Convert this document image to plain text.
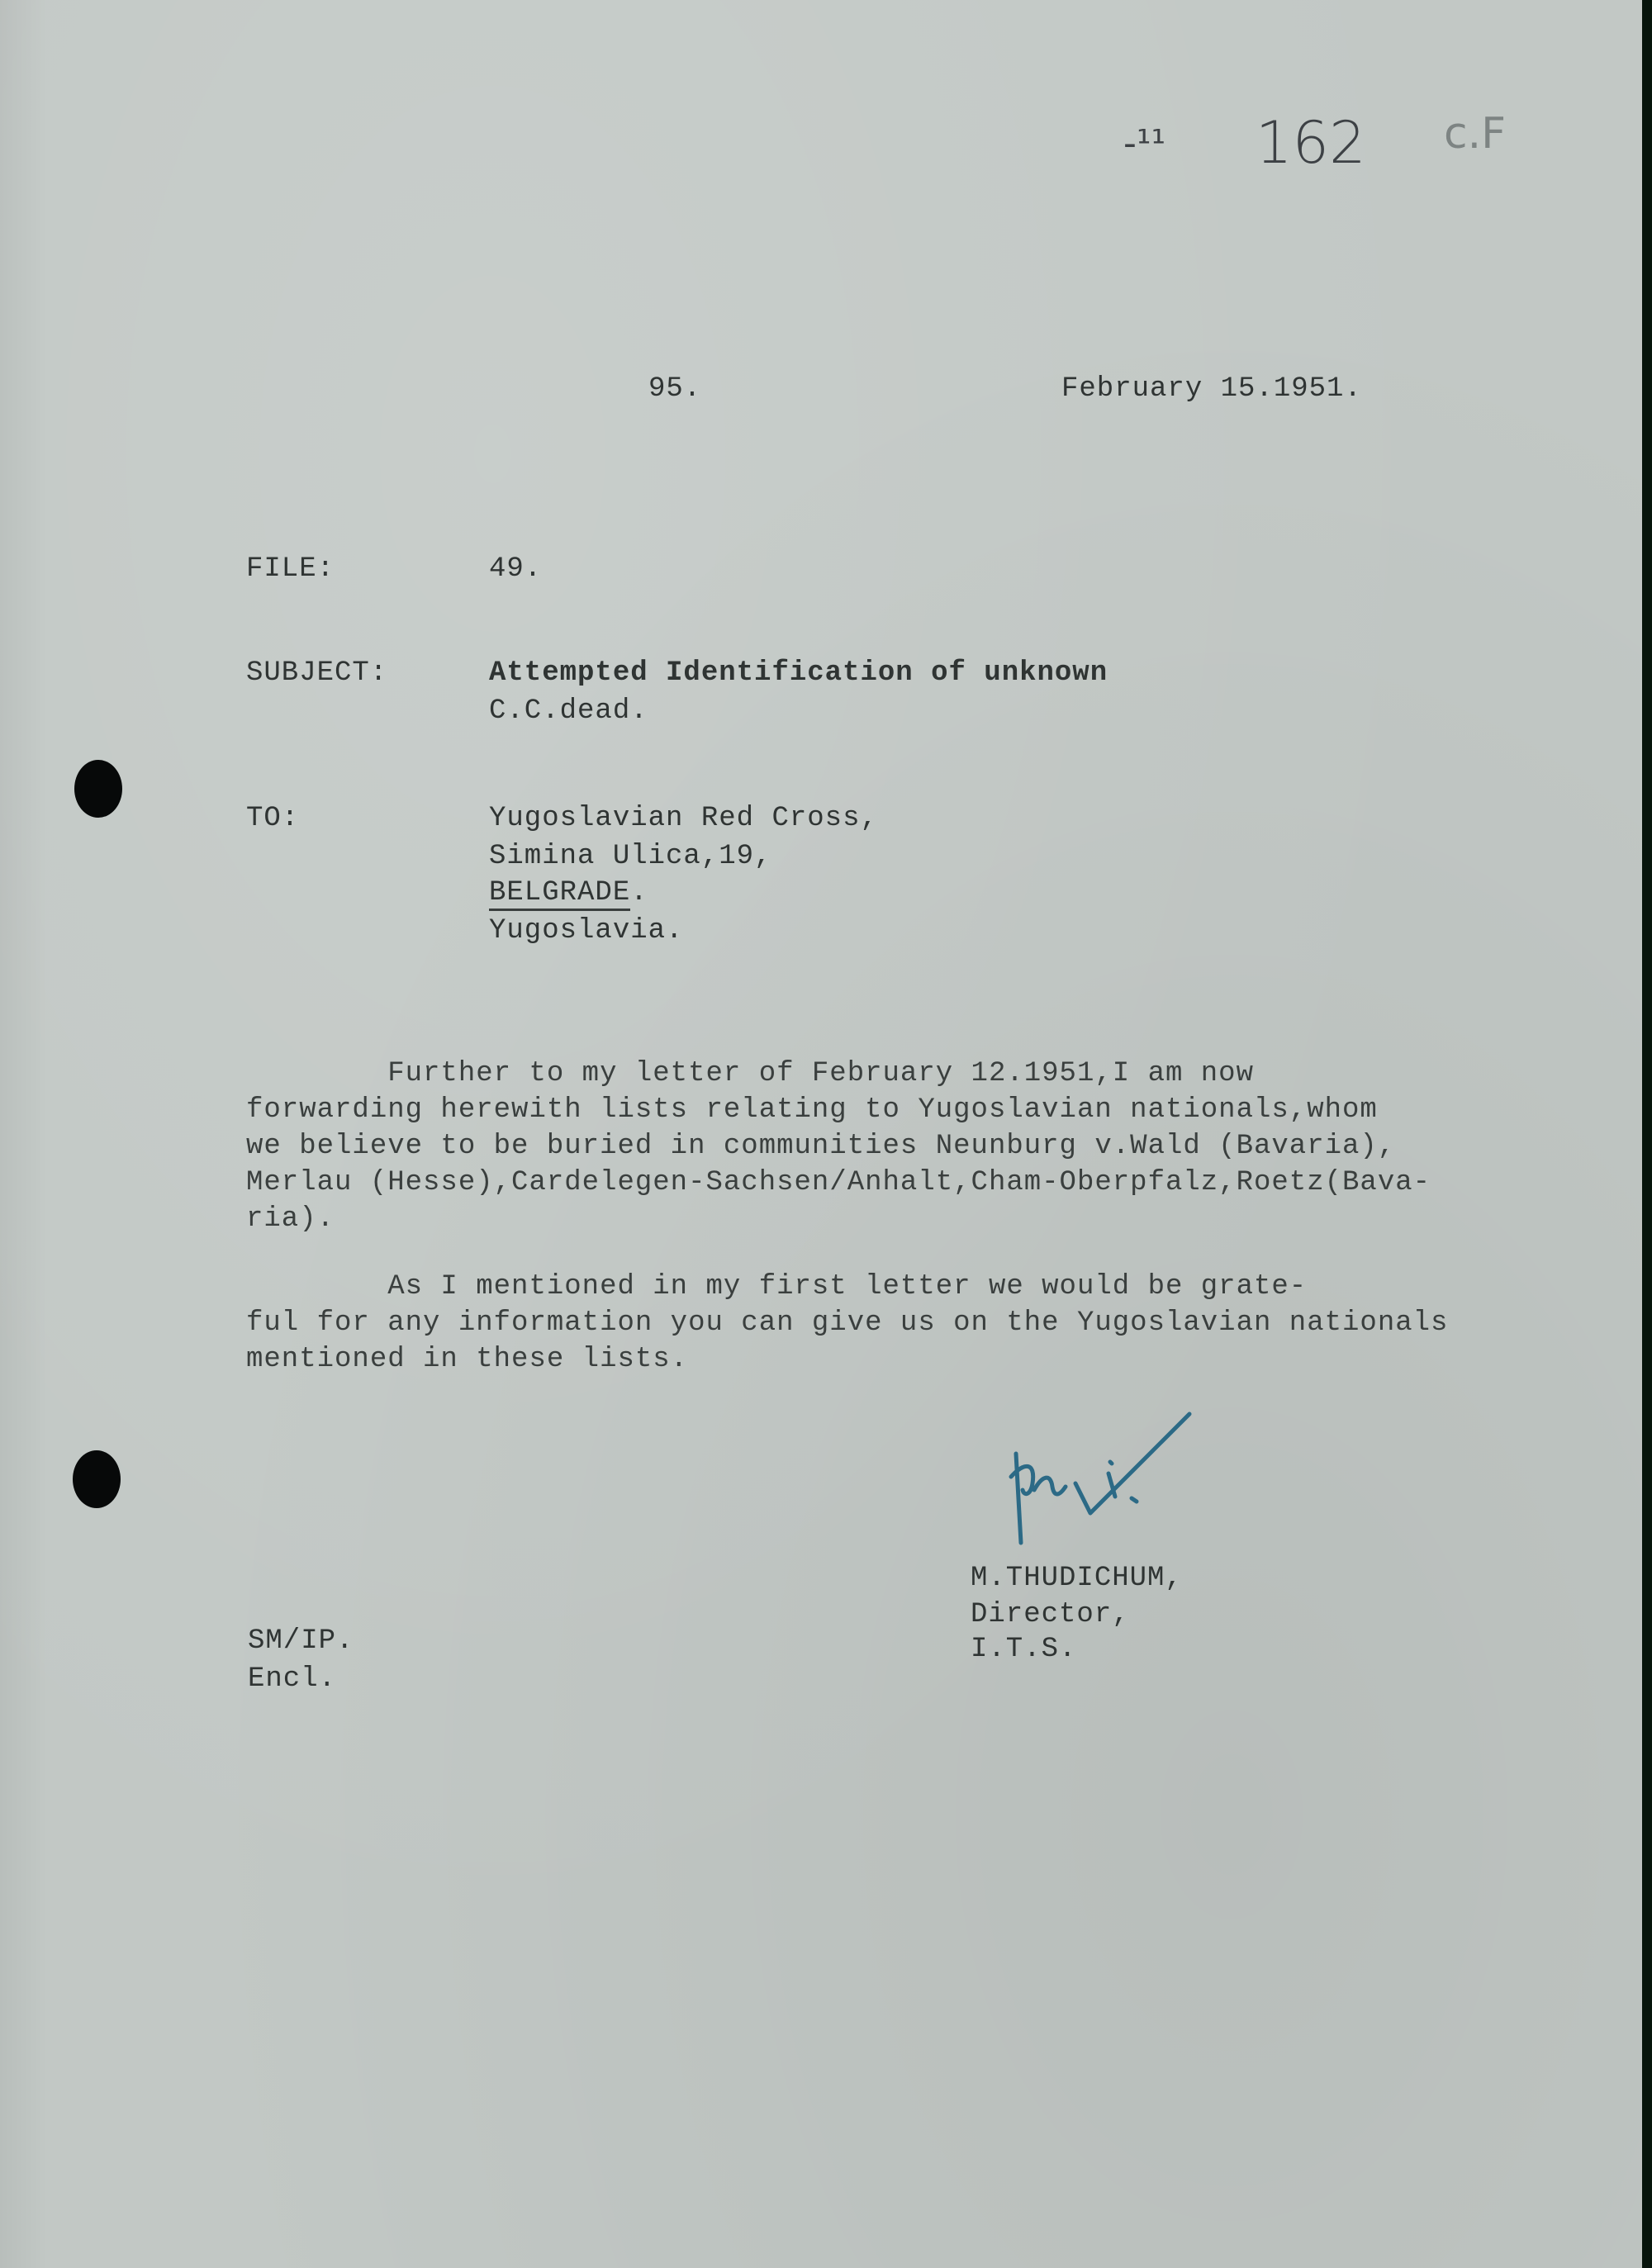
-¹¹ 162 c.F
95.	February 15.1951.
FILE:	49.
SUBJECT:	Attempted Identification of unknown
C.C.dead.
TO:	Yugoslavian Red Cross,
Simina Ulica,19,
BELGRADE.
Yugoslavia.
Further to my letter of February 12.1951,I am now
forwarding herewith lists relating to Yugoslavian nationals,whom
we believe to be buried in communities Neunburg v.Wald (Bavaria),
Merlau (Hesse),Cardelegen-Sachsen/Anhalt,Cham-Oberpfalz,Roetz(Bava-
ria).
As I mentioned in my first letter we would be grate-
ful for any information you can give us on the Yugoslavian nationals
mentioned in these lists.
M.THUDICHUM,
Director,
I.T.S.
SM/IP.
Encl.
